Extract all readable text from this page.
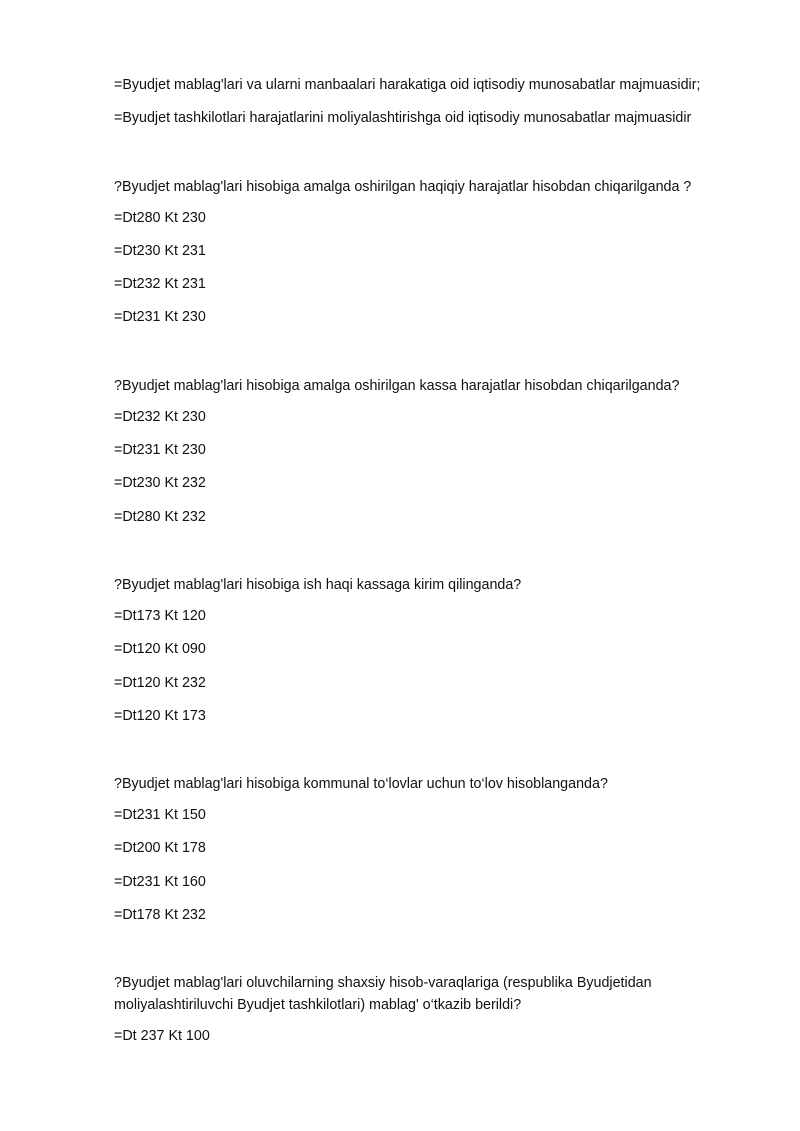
=Byudjet mablag'lari va ularni manbaalari harakatiga oid iqtisodiy munosabatlar majmuasidir;

=Byudjet tashkilotlari harajatlarini moliyalashtirishga oid iqtisodiy munosabatlar majmuasidir

?Byudjet mablag'lari hisobiga amalga oshirilgan haqiqiy harajatlar hisobdan chiqarilganda ?

=Dt280 Kt 230

=Dt230 Kt 231

=Dt232 Kt 231

=Dt231 Kt 230

?Byudjet mablag'lari hisobiga amalga oshirilgan kassa harajatlar hisobdan chiqarilganda?

=Dt232 Kt 230

=Dt231 Kt 230

=Dt230 Kt 232

=Dt280 Kt 232

?Byudjet mablag'lari hisobiga ish haqi kassaga kirim qilinganda?

=Dt173 Kt 120

=Dt120 Kt 090

=Dt120 Kt 232

=Dt120 Kt 173

?Byudjet mablag'lari hisobiga kommunal to‘lovlar uchun to‘lov hisoblanganda?

=Dt231 Kt 150

=Dt200 Kt 178

=Dt231 Kt 160

=Dt178 Kt 232

?Byudjet mablag'lari oluvchilarning shaxsiy hisob-varaqlariga (respublika Byudjetidan moliyalashtiriluvchi Byudjet tashkilotlari) mablag' o‘tkazib berildi?

=Dt 237 Kt 100
